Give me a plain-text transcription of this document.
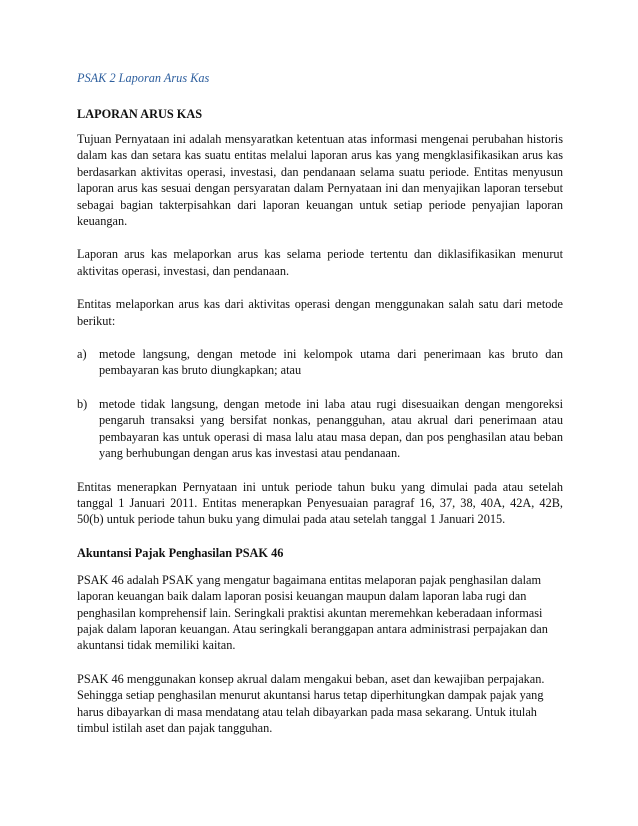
PSAK 2 Laporan Arus Kas
LAPORAN ARUS KAS

Tujuan Pernyataan ini adalah mensyaratkan ketentuan atas informasi mengenai perubahan historis dalam kas dan setara kas suatu entitas melalui laporan arus kas yang mengklasifikasikan arus kas berdasarkan aktivitas operasi, investasi, dan pendanaan selama suatu periode. Entitas menyusun laporan arus kas sesuai dengan persyaratan dalam Pernyataan ini dan menyajikan laporan tersebut sebagai bagian takterpisahkan dari laporan keuangan untuk setiap periode penyajian laporan keuangan.

Laporan arus kas melaporkan arus kas selama periode tertentu dan diklasifikasikan menurut aktivitas operasi, investasi, dan pendanaan.

Entitas melaporkan arus kas dari aktivitas operasi dengan menggunakan salah satu dari metode berikut:

a)	metode langsung, dengan metode ini kelompok utama dari penerimaan kas bruto dan pembayaran kas bruto diungkapkan; atau
b) metode tidak langsung, dengan metode ini laba atau rugi disesuaikan dengan mengoreksi pengaruh transaksi yang bersifat nonkas, penangguhan, atau akrual dari penerimaan atau pembayaran kas untuk operasi di masa lalu atau masa depan, dan pos penghasilan atau beban yang berhubungan dengan arus kas investasi atau pendanaan.

Entitas menerapkan Pernyataan ini untuk periode tahun buku yang dimulai pada atau setelah tanggal 1 Januari 2011. Entitas menerapkan Penyesuaian paragraf 16, 37, 38, 40A, 42A, 42B, 50(b) untuk periode tahun buku yang dimulai pada atau setelah tanggal 1 Januari 2015.

Akuntansi Pajak Penghasilan PSAK 46

PSAK 46 adalah PSAK yang mengatur bagaimana entitas melaporan pajak penghasilan dalam laporan keuangan baik dalam laporan posisi keuangan maupun dalam laporan laba rugi dan penghasilan komprehensif lain. Seringkali praktisi akuntan meremehkan keberadaan informasi pajak dalam laporan keuangan. Atau seringkali beranggapan antara administrasi perpajakan dan akuntansi tidak memiliki kaitan.

PSAK 46 menggunakan konsep akrual dalam mengakui beban, aset dan kewajiban perpajakan. Sehingga setiap penghasilan menurut akuntansi harus tetap diperhitungkan dampak pajak yang harus dibayarkan di masa mendatang atau telah dibayarkan pada masa sekarang. Untuk itulah timbul istilah aset dan pajak tangguhan.
